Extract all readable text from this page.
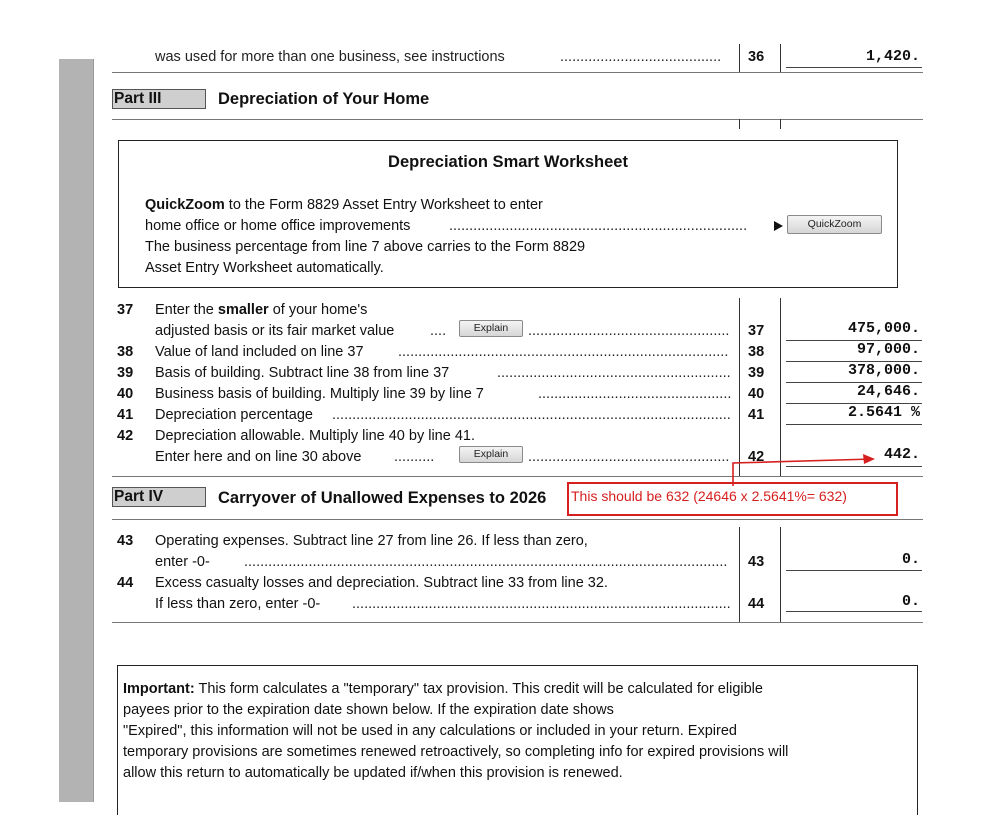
was used for more than one business, see instructions	........................................	36	1,420.
Part III	Depreciation of Your Home
Depreciation Smart Worksheet
QuickZoom to the Form 8829 Asset Entry Worksheet to enter
home office or home office improvements	..........................................................................	QuickZoom
The business percentage from line 7 above carries to the Form 8829
Asset Entry Worksheet automatically.
37 Enter the smaller of your home's
adjusted basis or its fair market value ....	Explain	.................................................. 37	475,000.
38 Value of land included on line 37 .................................................................................. 38	97,000.
39 Basis of building. Subtract line 38 from line 37	.......................................................... 39	378,000.
40 Business basis of building. Multiply line 39 by line 7	................................................ 40	24,646.
41 Depreciation percentage ................................................................................................... 41	2.5641 %
42 Depreciation allowable. Multiply line 40 by line 41.
Enter here and on line 30 above ..........	Explain	.................................................. 42	442.
Part IV	Carryover of Unallowed Expenses to 2026 This should be 632 (24646 x 2.5641%= 632)
43 Operating expenses. Subtract line 27 from line 26. If less than zero,
enter -0- ........................................................................................................................	43	0.
44 Excess casualty losses and depreciation. Subtract line 33 from line 32.
If less than zero, enter -0- .............................................................................................. 44	0.
Important: This form calculates a "temporary" tax provision. This credit will be calculated for eligible
payees prior to the expiration date shown below. If the expiration date shows
"Expired", this information will not be used in any calculations or included in your return. Expired
temporary provisions are sometimes renewed retroactively, so completing info for expired provisions will
allow this return to automatically be updated if/when this provision is renewed.
